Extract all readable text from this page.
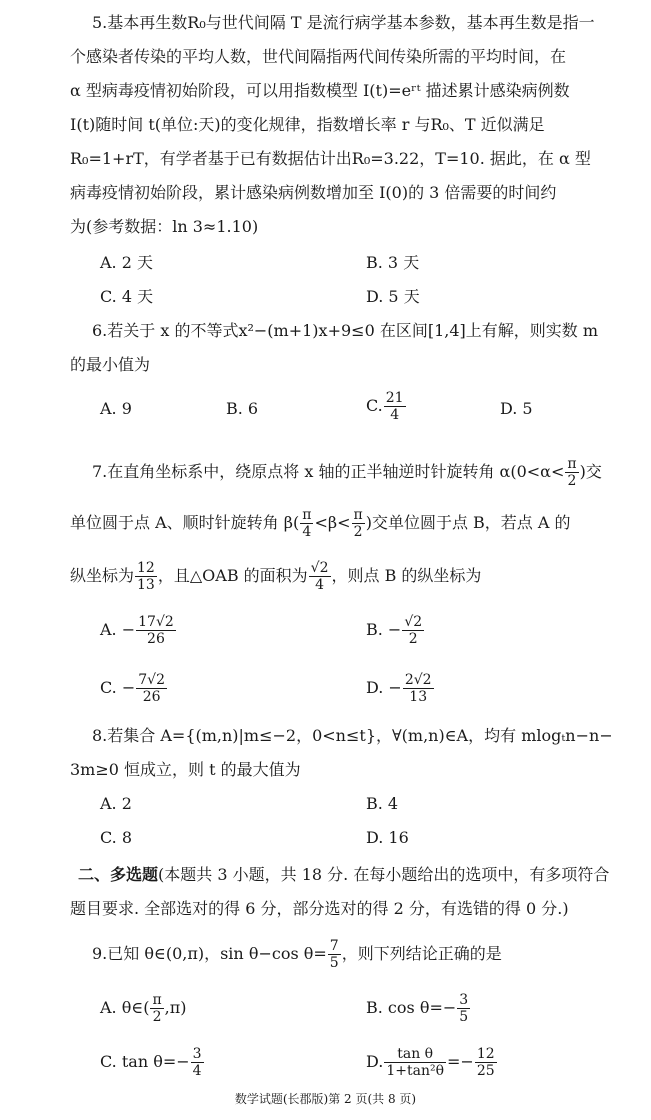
5.基本再生数R₀与世代间隔 T 是流行病学基本参数，基本再生数是指一
个感染者传染的平均人数，世代间隔指两代间传染所需的平均时间，在
α 型病毒疫情初始阶段，可以用指数模型 I(t)=eʳᵗ 描述累计感染病例数
I(t)随时间 t(单位:天)的变化规律，指数增长率 r 与R₀、T 近似满足
R₀=1+rT，有学者基于已有数据估计出R₀=3.22，T=10. 据此，在 α 型
病毒疫情初始阶段，累计感染病例数增加至 I(0)的 3 倍需要的时间约
为(参考数据：ln 3≈1.10)
A. 2 天	B. 3 天
C. 4 天	D. 5 天
6.若关于 x 的不等式x²−(m+1)x+9≤0 在区间[1,4]上有解，则实数 m
的最小值为
A. 9	B. 6	C. $\frac{21}{4}$	D. 5
7.在直角坐标系中，绕原点将 x 轴的正半轴逆时针旋转角 $\alpha(0<\alpha< \frac{\pi}{2}$ )交
单位圆于点 A、顺时针旋转角 $\beta( \frac{\pi}{4} <\beta< \frac{\pi}{2}$ )交单位圆于点 B，若点 A 的
纵坐标为 $\frac{12}{13}$ ，且△OAB 的面积为 $\frac{√2}{4}$ ，则点 B 的纵坐标为
A. − $\frac{17√2}{26}$	B. − $\frac{√2}{2}$
C. − $\frac{7√2}{26}$	D. − $\frac{2√2}{13}$
8.若集合 A={(m,n)|m≤−2，0<n≤t}，∀(m,n)∈A，均有 mlogₜn−n−
3m≥0 恒成立，则 t 的最大值为
A. 2	B. 4
C. 8	D. 16
二、多选题(本题共 3 小题，共 18 分. 在每小题给出的选项中，有多项符合
题目要求. 全部选对的得 6 分，部分选对的得 2 分，有选错的得 0 分.)
9.已知 θ∈(0,π)，sin θ−cos $\theta= \frac{7}{5}$ ，则下列结论正确的是
A. θ∈( $\frac{\pi}{2} ,\pi$)	B. $\cos \theta=- \frac{3}{5}$
C. $\tan \theta=- \frac{3}{4}$	D. $\frac{\text{tan θ}}{\text{1+tan²θ}} =- \frac{12}{25}$
数学试题(长郡版)第 2 页(共 8 页)
